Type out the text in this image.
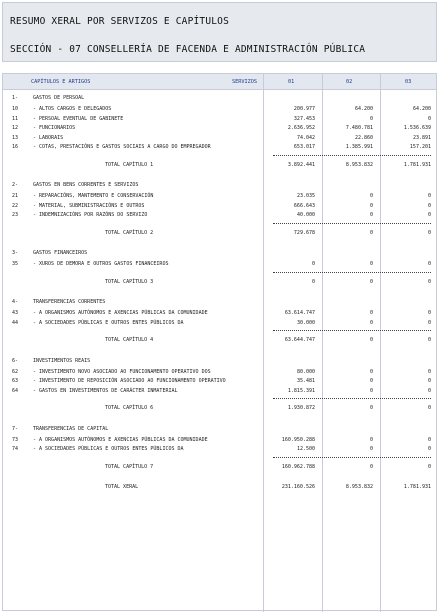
RESUMO XERAL POR SERVIZOS E CAPÍTULOS
SECCIÓN - 07 CONSELLERÍA DE FACENDA E ADMINISTRACIÓN PÚBLICA
CAPÍTULOS E ARTIGOS	SERVIZOS	01	02	03
1-	GASTOS DE PERSOAL
10	- ALTOS CARGOS E DELEGADOS	200.977	64.200	64.200
11	- PERSOAL EVENTUAL DE GABINETE	327.453	0	0
12	- FUNCIONARIOS	2.636.952	7.480.781	1.536.639
13	- LABORAIS	74.042	22.860	23.891
16	- COTAS, PRESTACIÓNS E GASTOS SOCIAIS A CARGO DO EMPREGADOR	653.017	1.385.991	157.201
TOTAL CAPÍTULO 1	3.892.441	8.953.832	1.781.931
2-	GASTOS EN BENS CORRENTES E SERVIZOS
21	- REPARACIÓNS, MANTEMENTO E CONSERVACIÓN	23.035	0	0
22	- MATERIAL, SUBMINISTRACIÓNS E OUTROS	666.643	0	0
23	- INDEMNIZACIÓNS POR RAZÓNS DO SERVIZO	40.000	0	0
TOTAL CAPÍTULO 2	729.678	0	0
3-	GASTOS FINANCEIROS
35	- XUROS DE DEMORA E OUTROS GASTOS FINANCEIROS	0	0	0
TOTAL CAPÍTULO 3	0	0	0
4-	TRANSFERENCIAS CORRENTES
43	- A ORGANISMOS AUTÓNOMOS E AXENCIAS PÚBLICAS DA COMUNIDADE	63.614.747	0	0
44	- A SOCIEDADES PÚBLICAS E OUTROS ENTES PÚBLICOS DA	30.000	0	0
TOTAL CAPÍTULO 4	63.644.747	0	0
6-	INVESTIMENTOS REAIS
62	- INVESTIMENTO NOVO ASOCIADO AO FUNCIONAMENTO OPERATIVO DOS	80.000	0	0
63	- INVESTIMENTO DE REPOSICIÓN ASOCIADO AO FUNCIONAMENTO OPERATIVO	35.481	0	0
64	- GASTOS EN INVESTIMENTOS DE CARÁCTER INMATERIAL	1.815.391	0	0
TOTAL CAPÍTULO 6	1.930.872	0	0
7-	TRANSFERENCIAS DE CAPITAL
73	- A ORGANISMOS AUTÓNOMOS E AXENCIAS PÚBLICAS DA COMUNIDADE	160.950.288	0	0
74	- A SOCIEDADES PÚBLICAS E OUTROS ENTES PÚBLICOS DA	12.500	0	0
TOTAL CAPÍTULO 7	160.962.788	0	0
TOTAL XERAL	231.160.526	8.953.832	1.781.931
